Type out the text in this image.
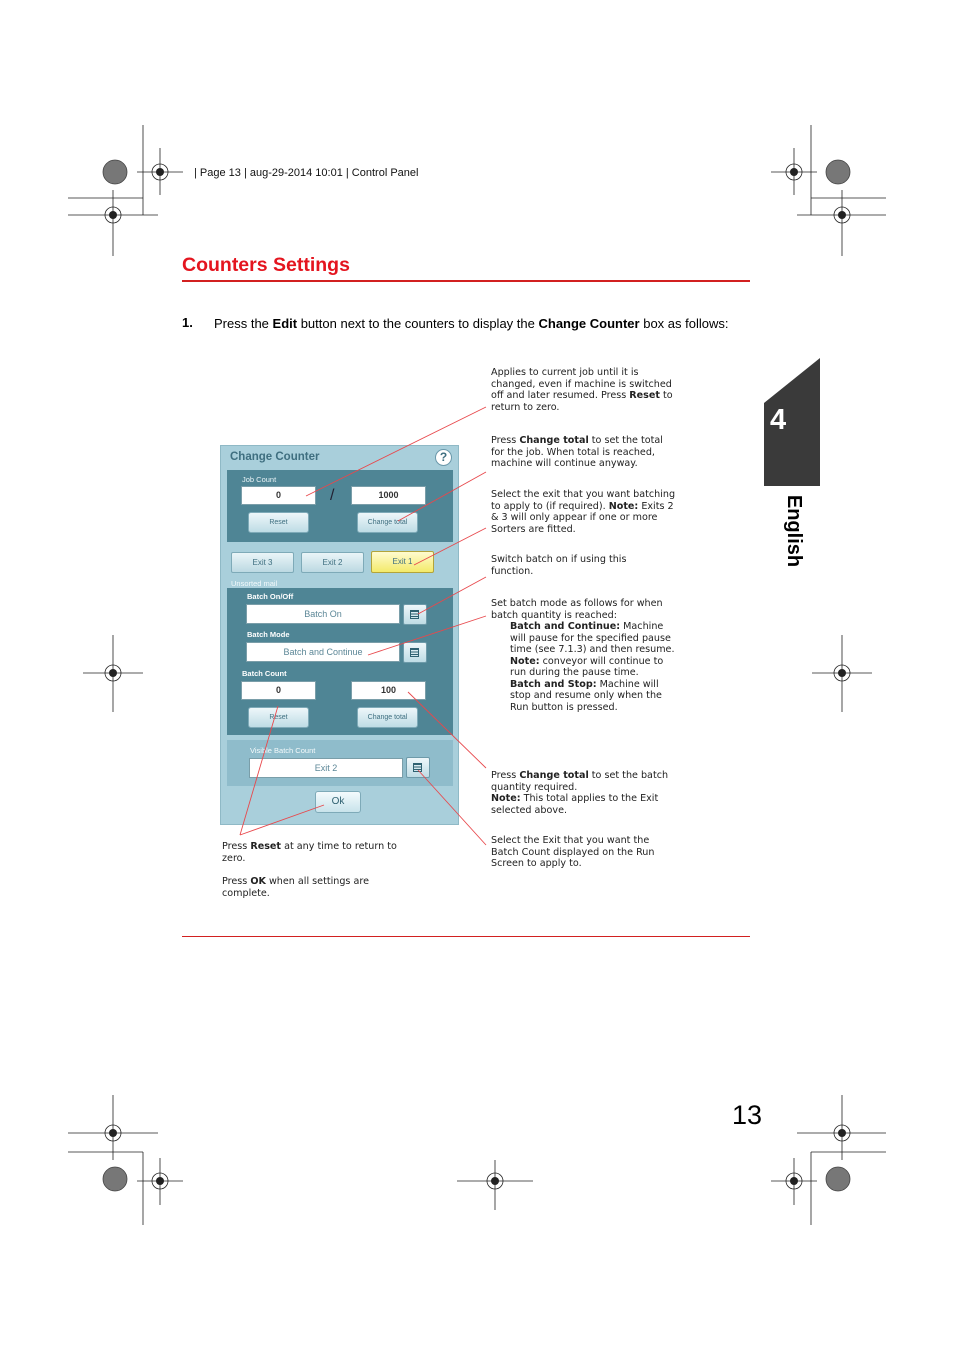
| Page 13 | aug-29-2014 10:01 | Control Panel
Counters Settings
1. Press the Edit button next to the counters to display the Change Counter box as follows:
4
English
Change Counter	?
Job Count
0	/	1000
Reset	Change total
Exit 3	Exit 2	Exit 1
Unsorted mail
Batch On/Off
Batch On
Batch Mode
Batch and Continue
Batch Count
0	100
Reset	Change total
Visible Batch Count
Exit 2
Ok
Applies to current job until it is changed, even if machine is switched off and later resumed. Press Reset to return to zero.
Press Change total to set the total for the job. When total is reached, machine will continue anyway.
Select the exit that you want batching to apply to (if required). Note: Exits 2 & 3 will only appear if one or more Sorters are fitted.
Switch batch on if using this function.
Set batch mode as follows for when batch quantity is reached:
Batch and Continue: Machine will pause for the specified pause time (see 7.1.3) and then resume. Note: conveyor will continue to run during the pause time.
Batch and Stop: Machine will stop and resume only when the Run button is pressed.
Press Change total to set the batch quantity required.
Note: This total applies to the Exit selected above.
Select the Exit that you want the Batch Count displayed on the Run Screen to apply to.
Press Reset at any time to return to zero.
Press OK when all settings are complete.
13
